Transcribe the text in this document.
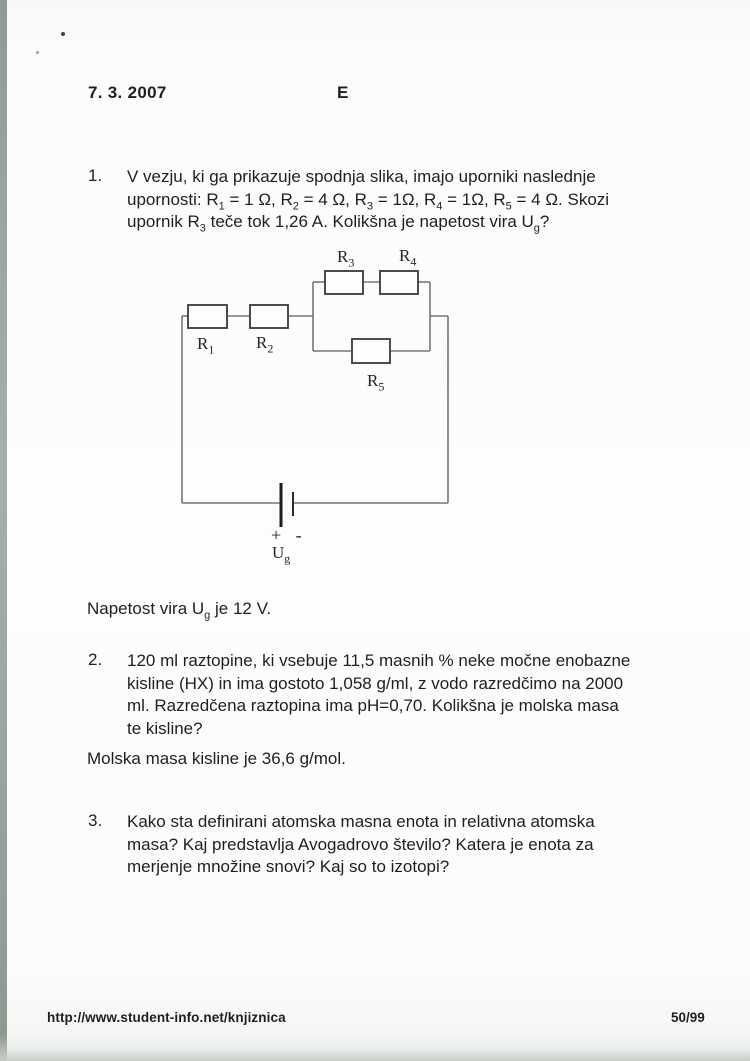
7. 3. 2007	E
1. V vezju, ki ga prikazuje spodnja slika, imajo uporniki naslednje
upornosti: $R_1 = 1$ Ω, $R_2 = 4$ Ω, $R_3 = 1\Omega$, $R_4 = 1\Omega$, $R_5 = 4$ Ω. Skozi
upornik $R_3$ teče tok 1,26 A. Kolikšna je napetost vira $U_g$?
$R_1$ $R_2$
$R_3$	$R_4$
$R_5$
+ -
$U_g$
Napetost vira $U_g$ je 12 V.
2. 120 ml raztopine, ki vsebuje 11,5 masnih % neke močne enobazne
kisline (HX) in ima gostoto 1,058 g/ml, z vodo razredčimo na 2000
ml. Razredčena raztopina ima pH=0,70. Kolikšna je molska masa
te kisline?
Molska masa kisline je 36,6 g/mol.
3. Kako sta definirani atomska masna enota in relativna atomska
masa? Kaj predstavlja Avogadrovo število? Katera je enota za
merjenje množine snovi? Kaj so to izotopi?
http://www.student-info.net/knjiznica	50/99
